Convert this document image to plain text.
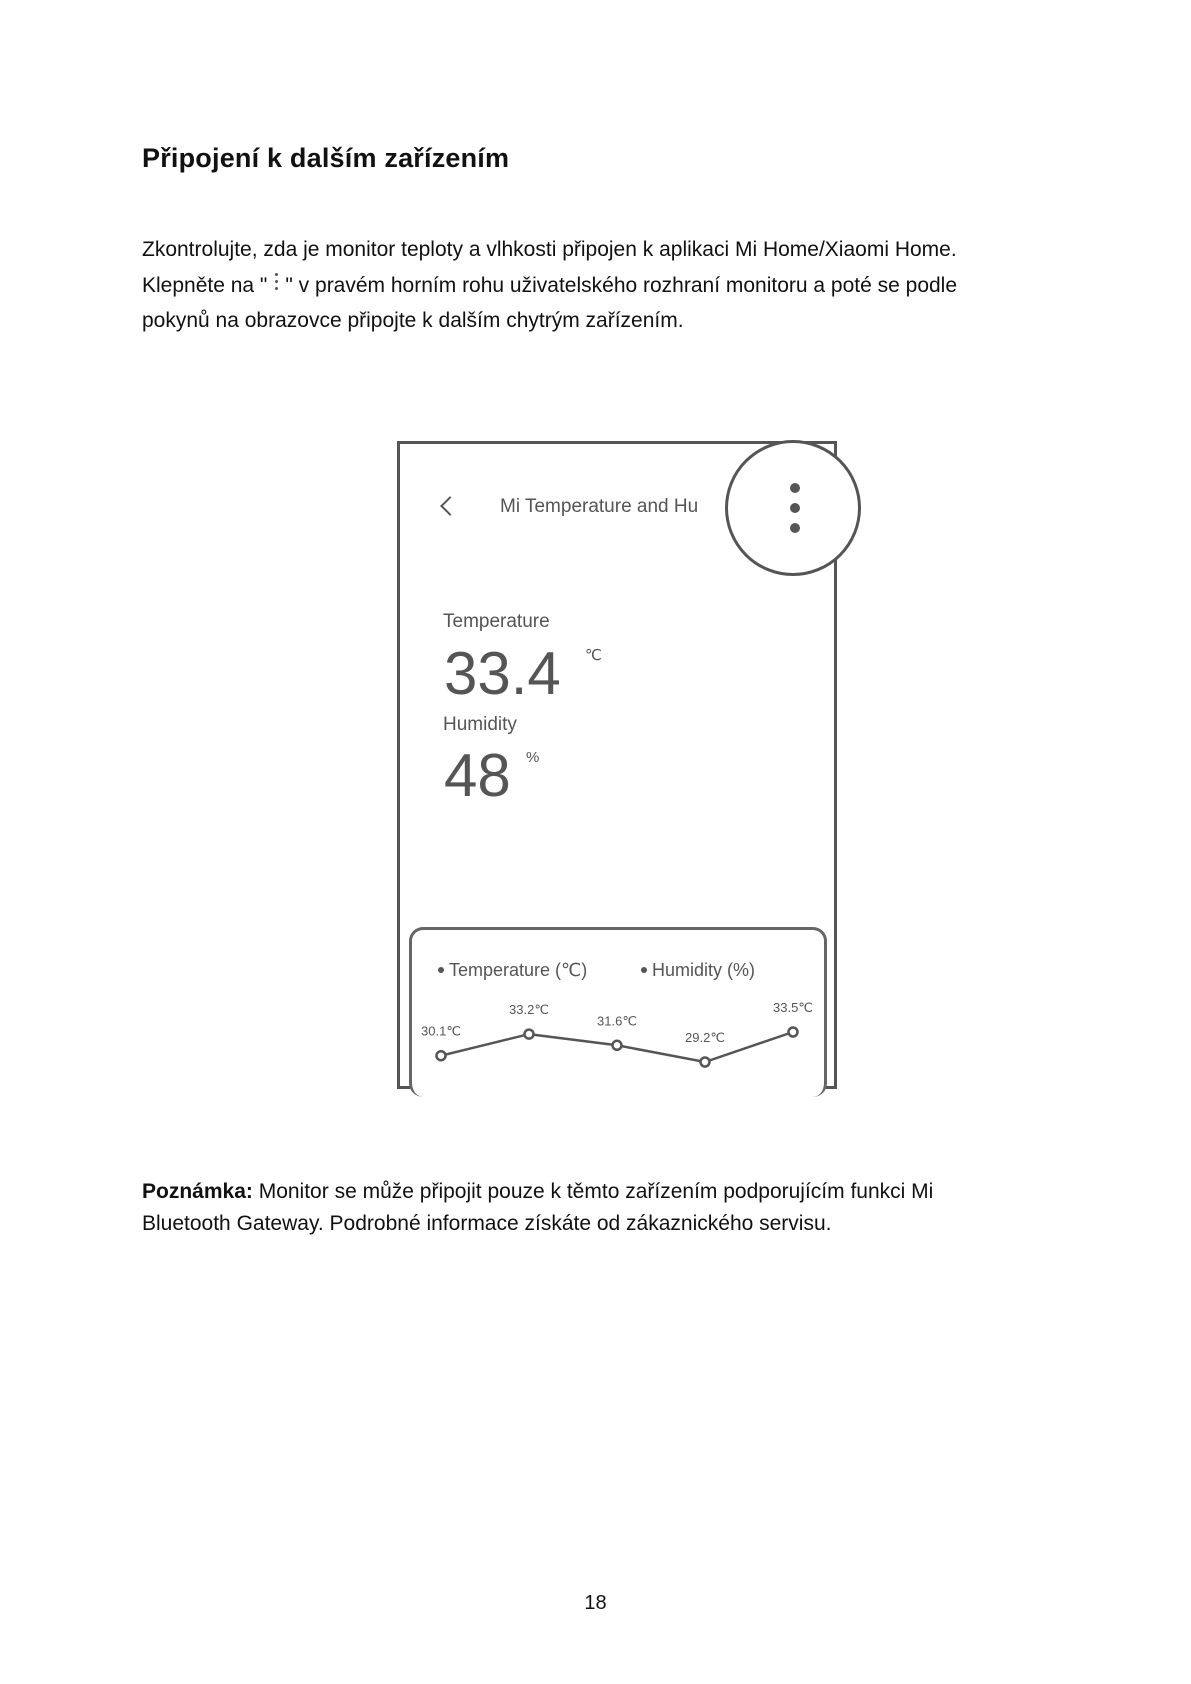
Připojení k dalším zařízením

Zkontrolujte, zda je monitor teploty a vlhkosti připojen k aplikaci Mi Home/Xiaomi Home.

Klepněte na " " v pravém horním rohu uživatelského rozhraní monitoru a poté se podle

pokynů na obrazovce připojte k dalším chytrým zařízením.

Mi Temperature and Hu
Temperature
33.4 ℃
Humidity
48 %
Temperature (℃)	Humidity (%)
30.1℃
33.2℃
31.6℃
29.2℃
33.5℃

Poznámka: Monitor se může připojit pouze k těmto zařízením podporujícím funkci Mi

Bluetooth Gateway. Podrobné informace získáte od zákaznického servisu.

18
